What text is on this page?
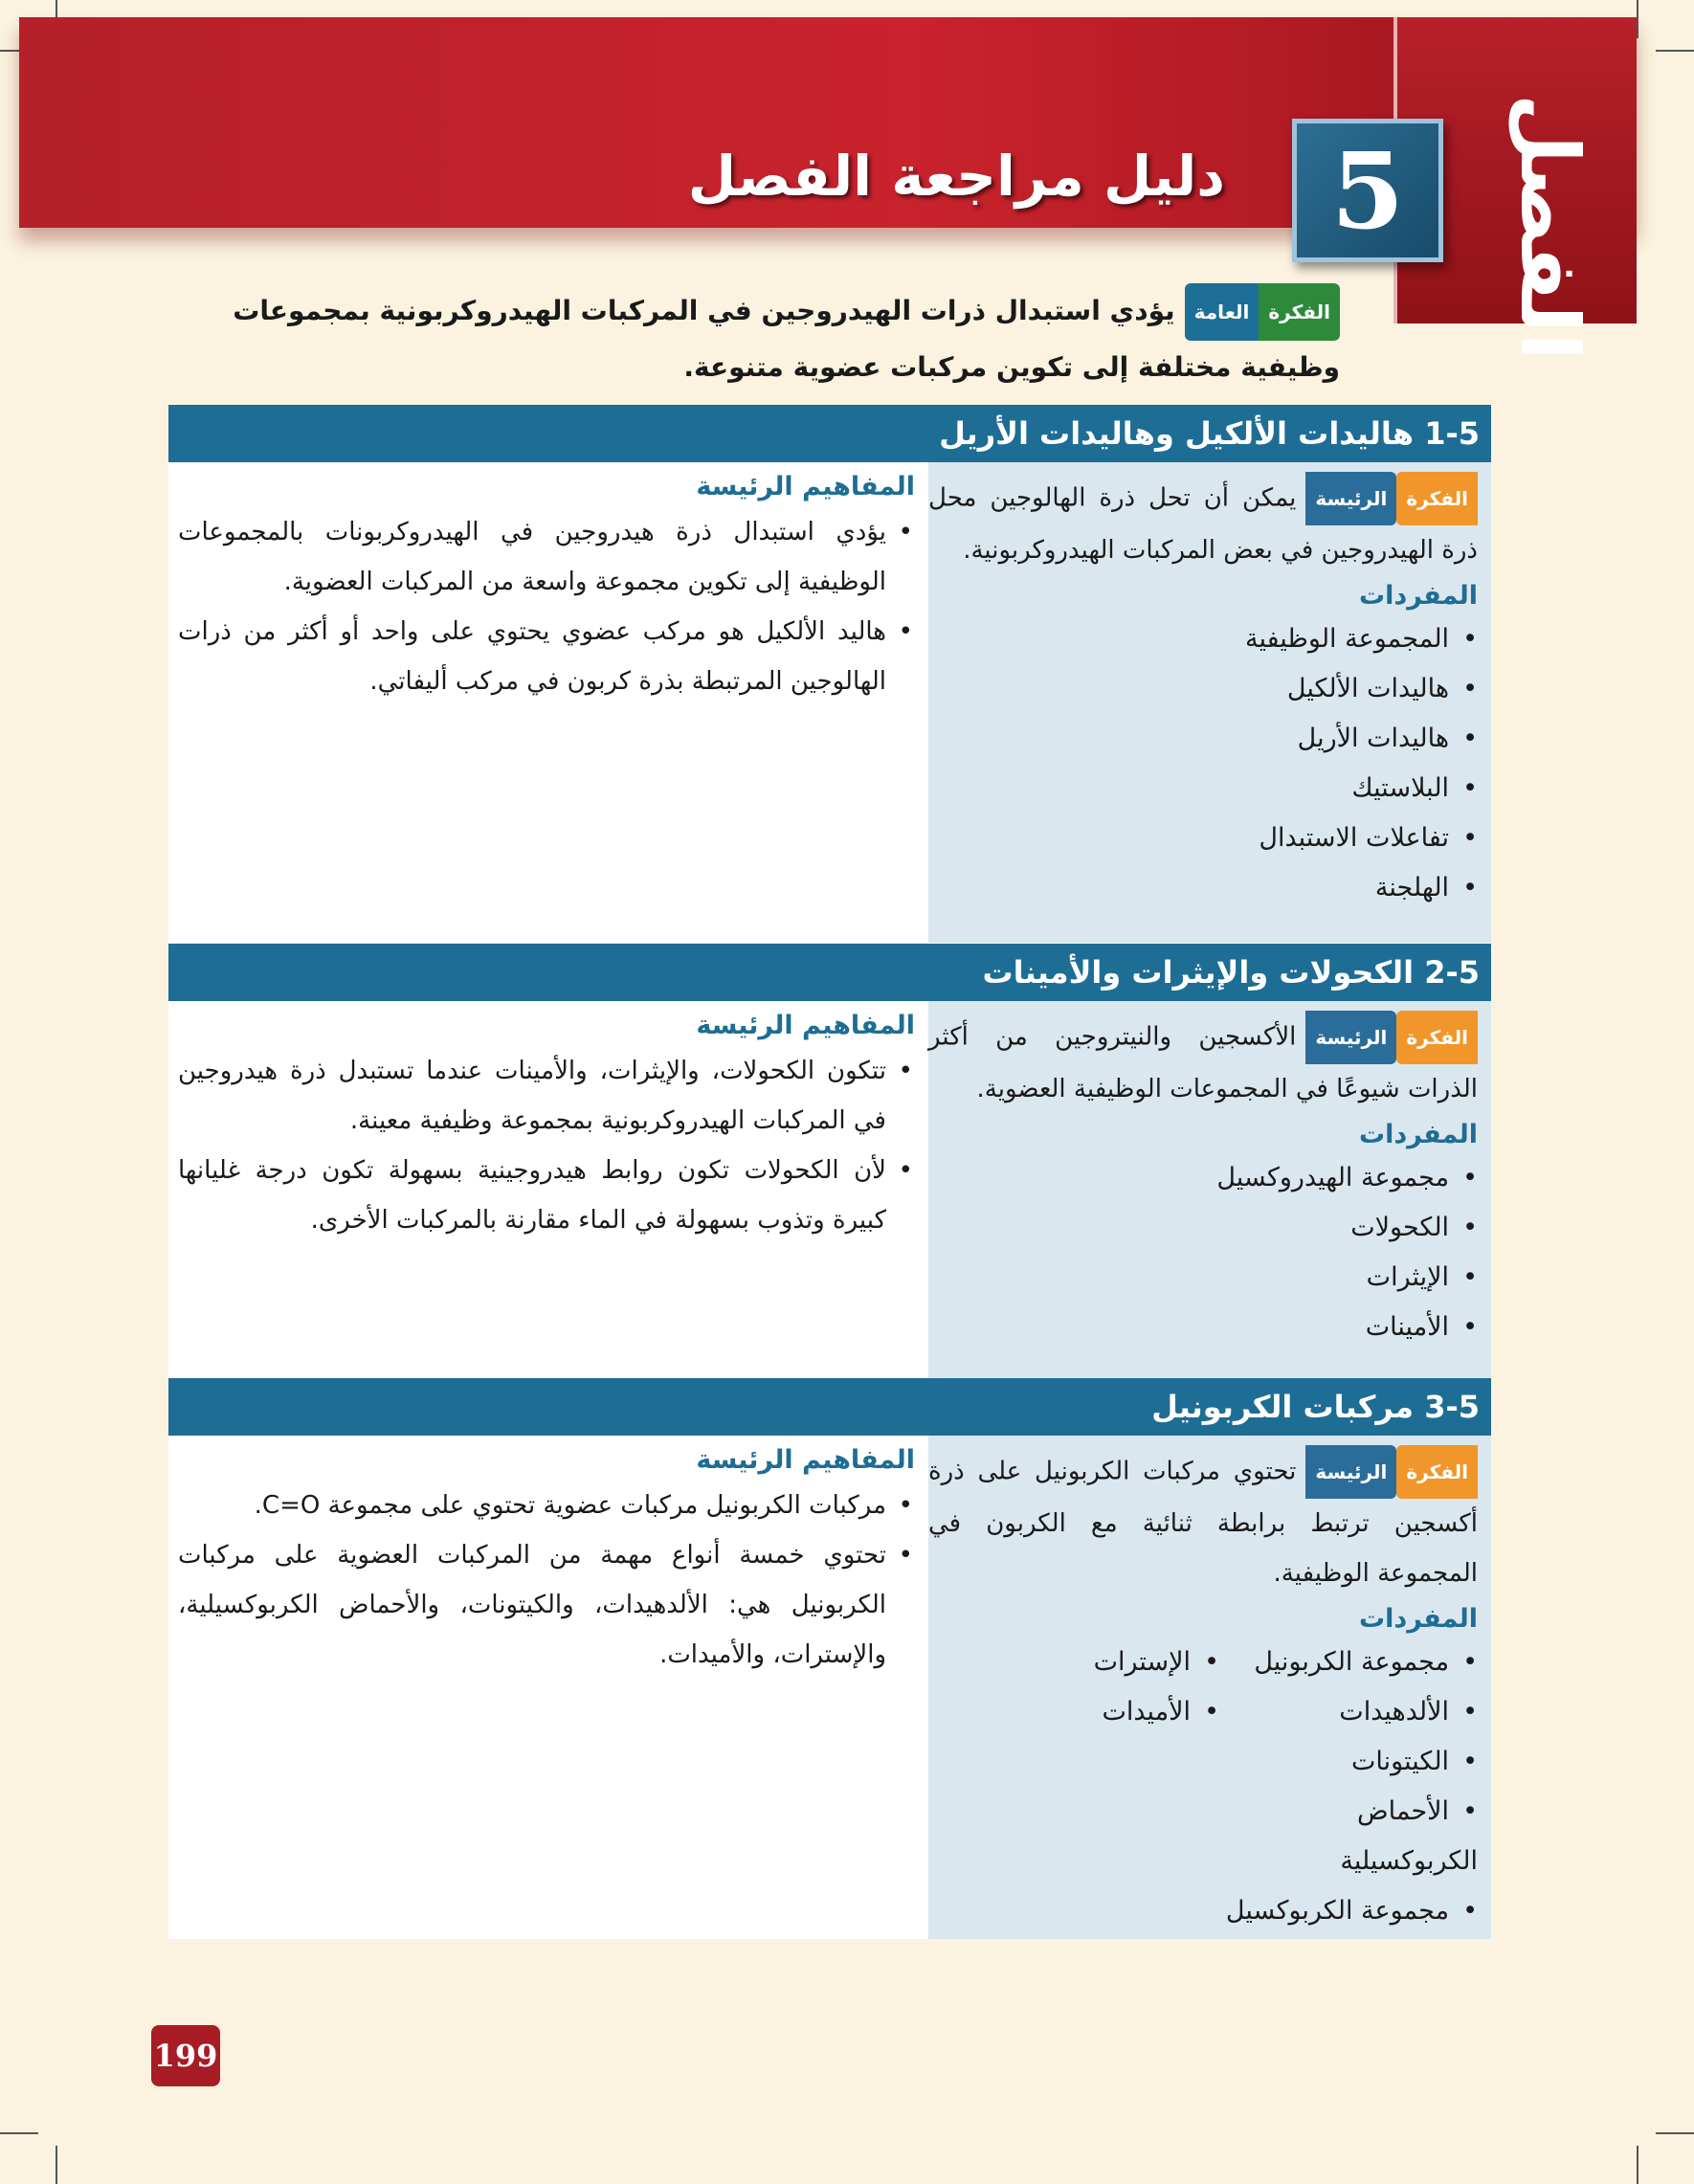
الفصل
5
دليل مراجعة الفصل
الفكرةالعامةيؤدي استبدال ذرات الهيدروجين في المركبات الهيدروكربونية بمجموعات وظيفية مختلفة إلى تكوين مركبات عضوية متنوعة.
1-5 هاليدات الألكيل وهاليدات الأريل
الفكرةالرئيسةيمكن أن تحل ذرة الهالوجين محل ذرة الهيدروجين في بعض المركبات الهيدروكربونية.
المفردات
• المجموعة الوظيفية
• هاليدات الألكيل
• هاليدات الأريل
• البلاستيك
• تفاعلات الاستبدال
• الهلجنة
المفاهيم الرئيسة
• يؤدي استبدال ذرة هيدروجين في الهيدروكربونات بالمجموعات الوظيفية إلى تكوين مجموعة واسعة من المركبات العضوية.
• هاليد الألكيل هو مركب عضوي يحتوي على واحد أو أكثر من ذرات الهالوجين المرتبطة بذرة كربون في مركب أليفاتي.
2-5 الكحولات والإيثرات والأمينات
الفكرةالرئيسةالأكسجين والنيتروجين من أكثر الذرات شيوعًا في المجموعات الوظيفية العضوية.
المفردات
• مجموعة الهيدروكسيل
• الكحولات
• الإيثرات
• الأمينات
المفاهيم الرئيسة
• تتكون الكحولات، والإيثرات، والأمينات عندما تستبدل ذرة هيدروجين في المركبات الهيدروكربونية بمجموعة وظيفية معينة.
• لأن الكحولات تكون روابط هيدروجينية بسهولة تكون درجة غليانها كبيرة وتذوب بسهولة في الماء مقارنة بالمركبات الأخرى.
3-5 مركبات الكربونيل
الفكرةالرئيسةتحتوي مركبات الكربونيل على ذرة أكسجين ترتبط برابطة ثنائية مع الكربون في المجموعة الوظيفية.
المفردات
• مجموعة الكربونيل
• الألدهيدات
• الكيتونات
• الأحماض الكربوكسيلية
• مجموعة الكربوكسيل
• الإسترات
• الأميدات
المفاهيم الرئيسة
• مركبات الكربونيل مركبات عضوية تحتوي على مجموعة C=O.
• تحتوي خمسة أنواع مهمة من المركبات العضوية على مركبات الكربونيل هي: الألدهيدات، والكيتونات، والأحماض الكربوكسيلية، والإسترات، والأميدات.
199
